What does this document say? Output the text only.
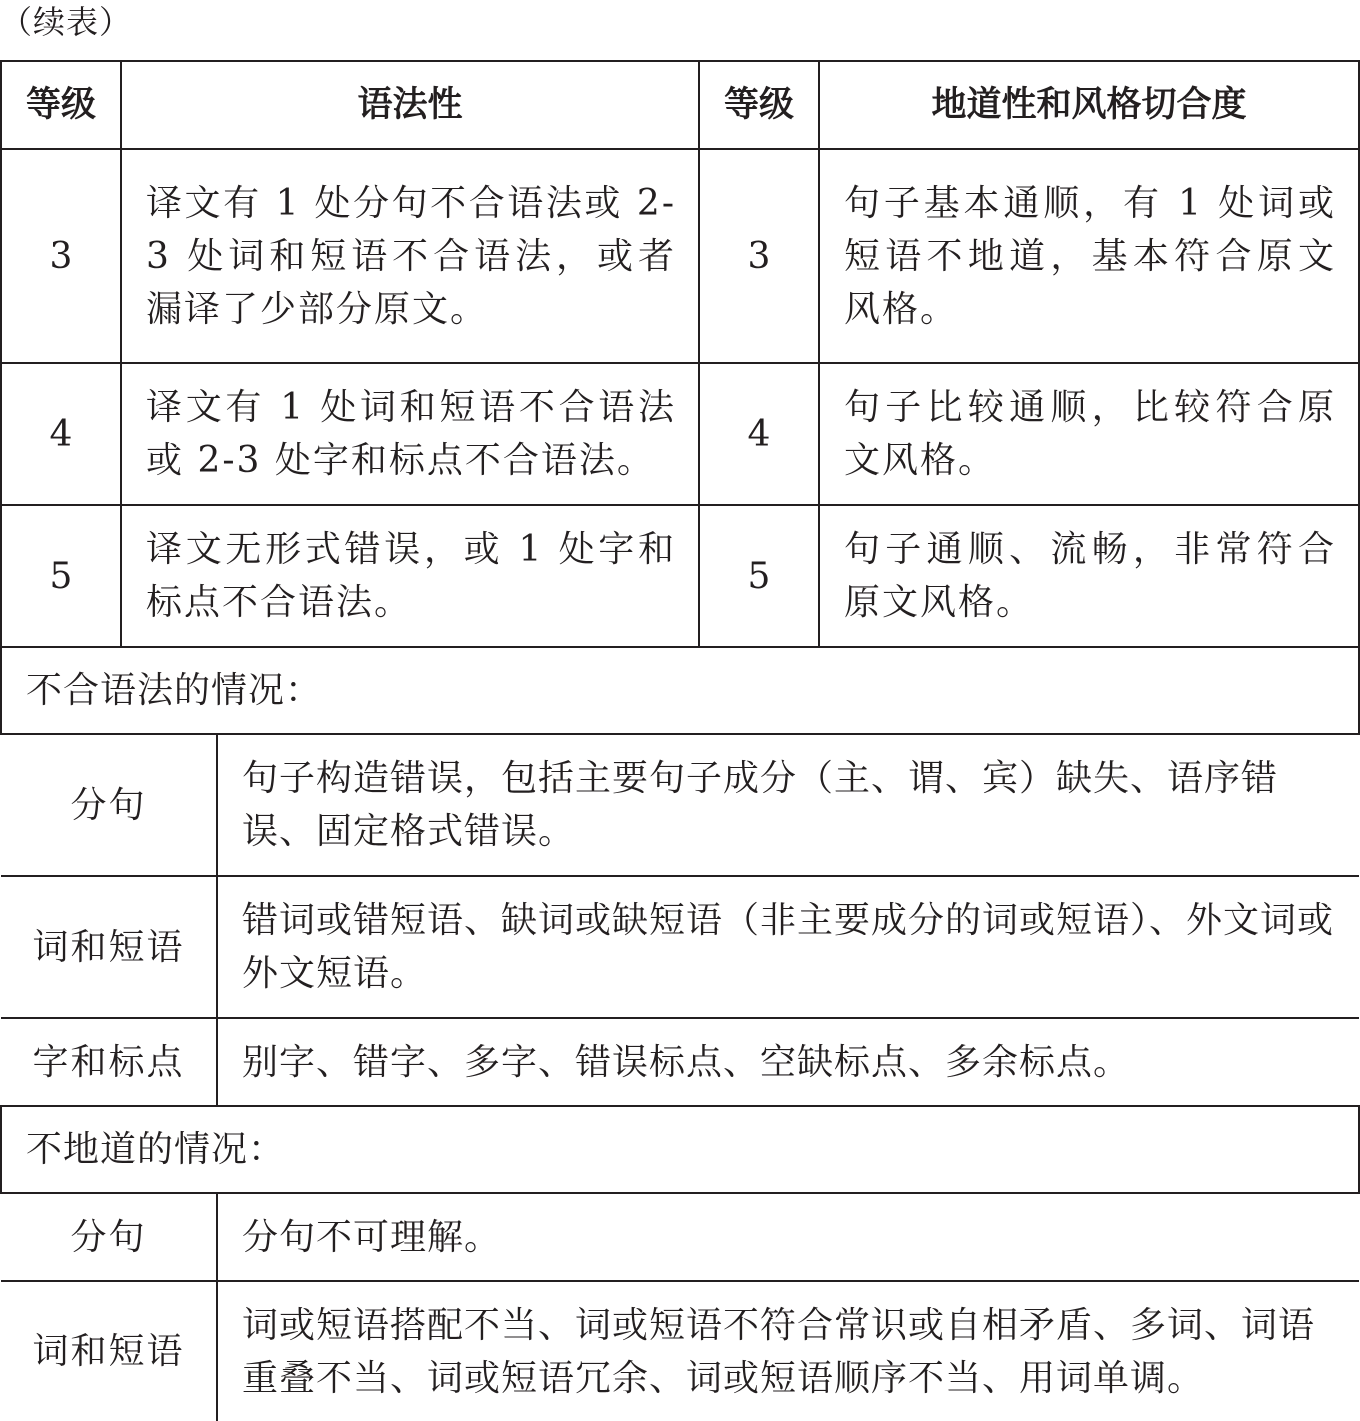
（续表）
等级	语法性	等级	地道性和风格切合度
3	译文有 1 处分句不合语法或 2-3 处词和短语不合语法，或者漏译了少部分原文。	3	句子基本通顺，有 1 处词或短语不地道，基本符合原文风格。
4	译文有 1 处词和短语不合语法或 2-3 处字和标点不合语法。	4	句子比较通顺，比较符合原文风格。
5	译文无形式错误，或 1 处字和标点不合语法。	5	句子通顺、流畅，非常符合原文风格。
不合语法的情况：

分句	句子构造错误，包括主要句子成分（主、谓、宾）缺失、语序错误、固定格式错误。
词和短语	错词或错短语、缺词或缺短语（非主要成分的词或短语）、外文词或外文短语。
字和标点	别字、错字、多字、错误标点、空缺标点、多余标点。

不地道的情况：

分句	分句不可理解。
词和短语	词或短语搭配不当、词或短语不符合常识或自相矛盾、多词、词语重叠不当、词或短语冗余、词或短语顺序不当、用词单调。
